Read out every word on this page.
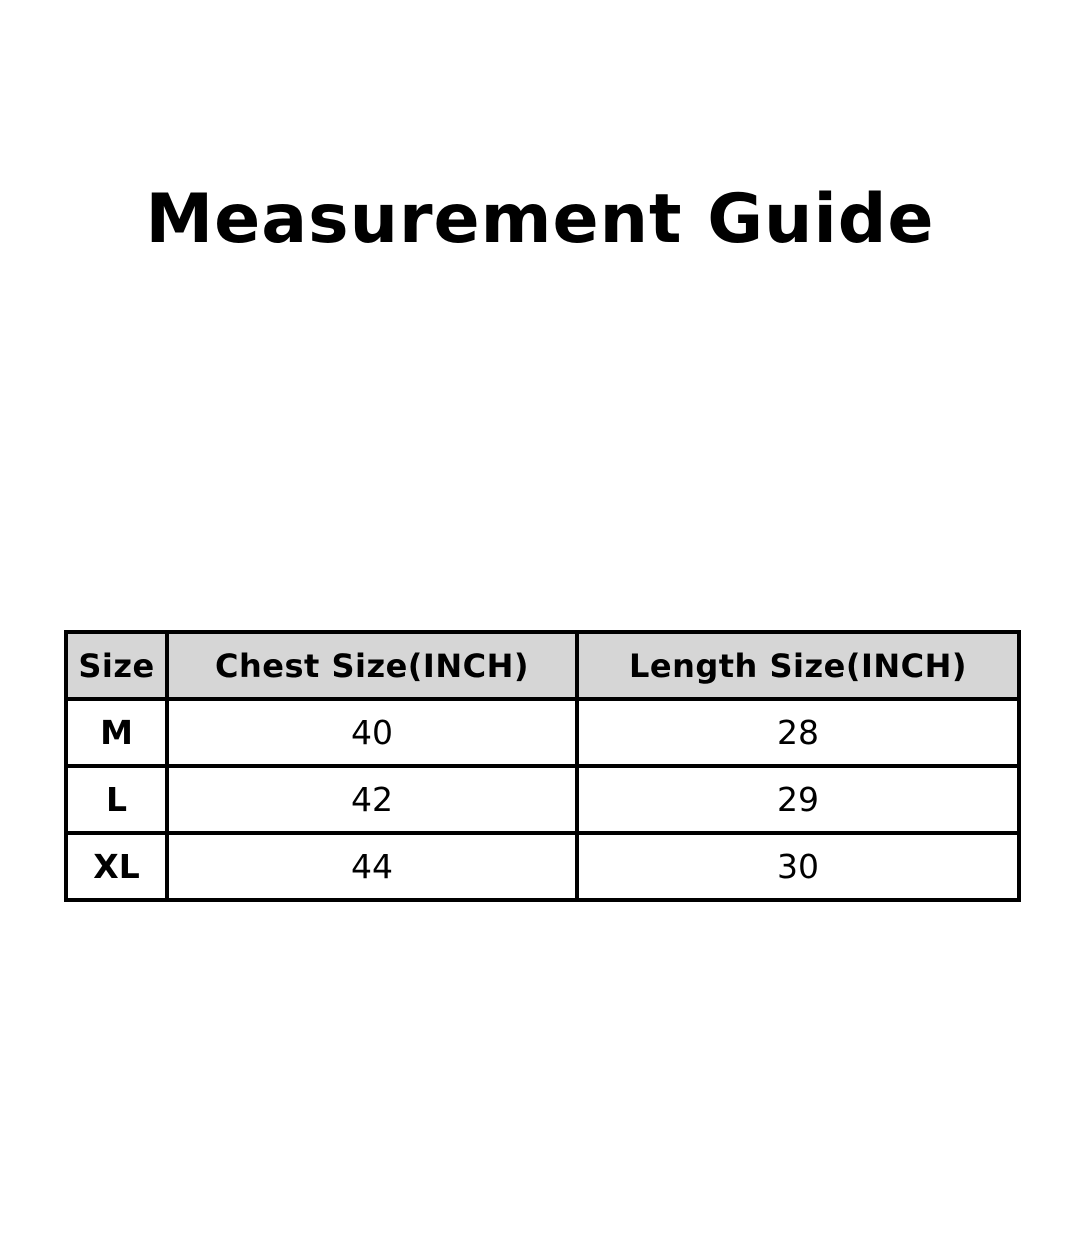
Measurement Guide
Size	Chest Size(INCH)	Length Size(INCH)
M	40	28
L	42	29
XL	44	30
